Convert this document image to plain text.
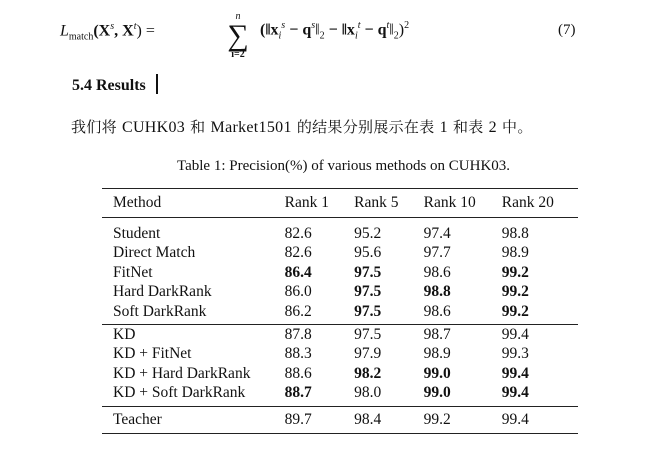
$L_{match}(X^s$, $X^t$) =
n
∑
i=2
($‖x_i^s$ − $q^s‖_2$ − $‖x_i^t$ − $q^t‖_2)^2$	(7)
5.4 Results
我们将 CUHK03 和 Market1501 的结果分别展示在表 1 和表 2 中。
Table 1: Precision(%) of various methods on CUHK03.
Method	Rank 1	Rank 5	Rank 10	Rank 20
Student	82.6	95.2	97.4	98.8
Direct Match	82.6	95.6	97.7	98.9
FitNet	86.4	97.5	98.6	99.2
Hard DarkRank	86.0	97.5	98.8	99.2
Soft DarkRank	86.2	97.5	98.6	99.2
KD	87.8	97.5	98.7	99.4
KD + FitNet	88.3	97.9	98.9	99.3
KD + Hard DarkRank	88.6	98.2	99.0	99.4
KD + Soft DarkRank	88.7	98.0	99.0	99.4
Teacher	89.7	98.4	99.2	99.4
